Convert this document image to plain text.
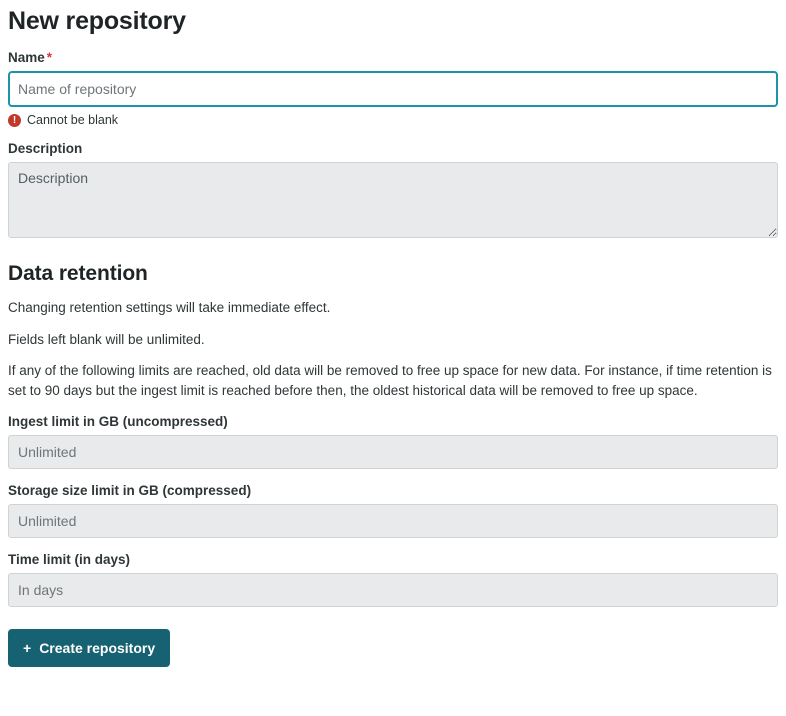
New repository
Name *
Name of repository
! Cannot be blank
Description
Description
Data retention

Changing retention settings will take immediate effect.

Fields left blank will be unlimited.

If any of the following limits are reached, old data will be removed to free up space for new data. For instance, if time retention is set to 90 days but the ingest limit is reached before then, the oldest historical data will be removed to free up space.

Ingest limit in GB (uncompressed)
Unlimited
Storage size limit in GB (compressed)
Unlimited
Time limit (in days)
In days
+ Create repository
